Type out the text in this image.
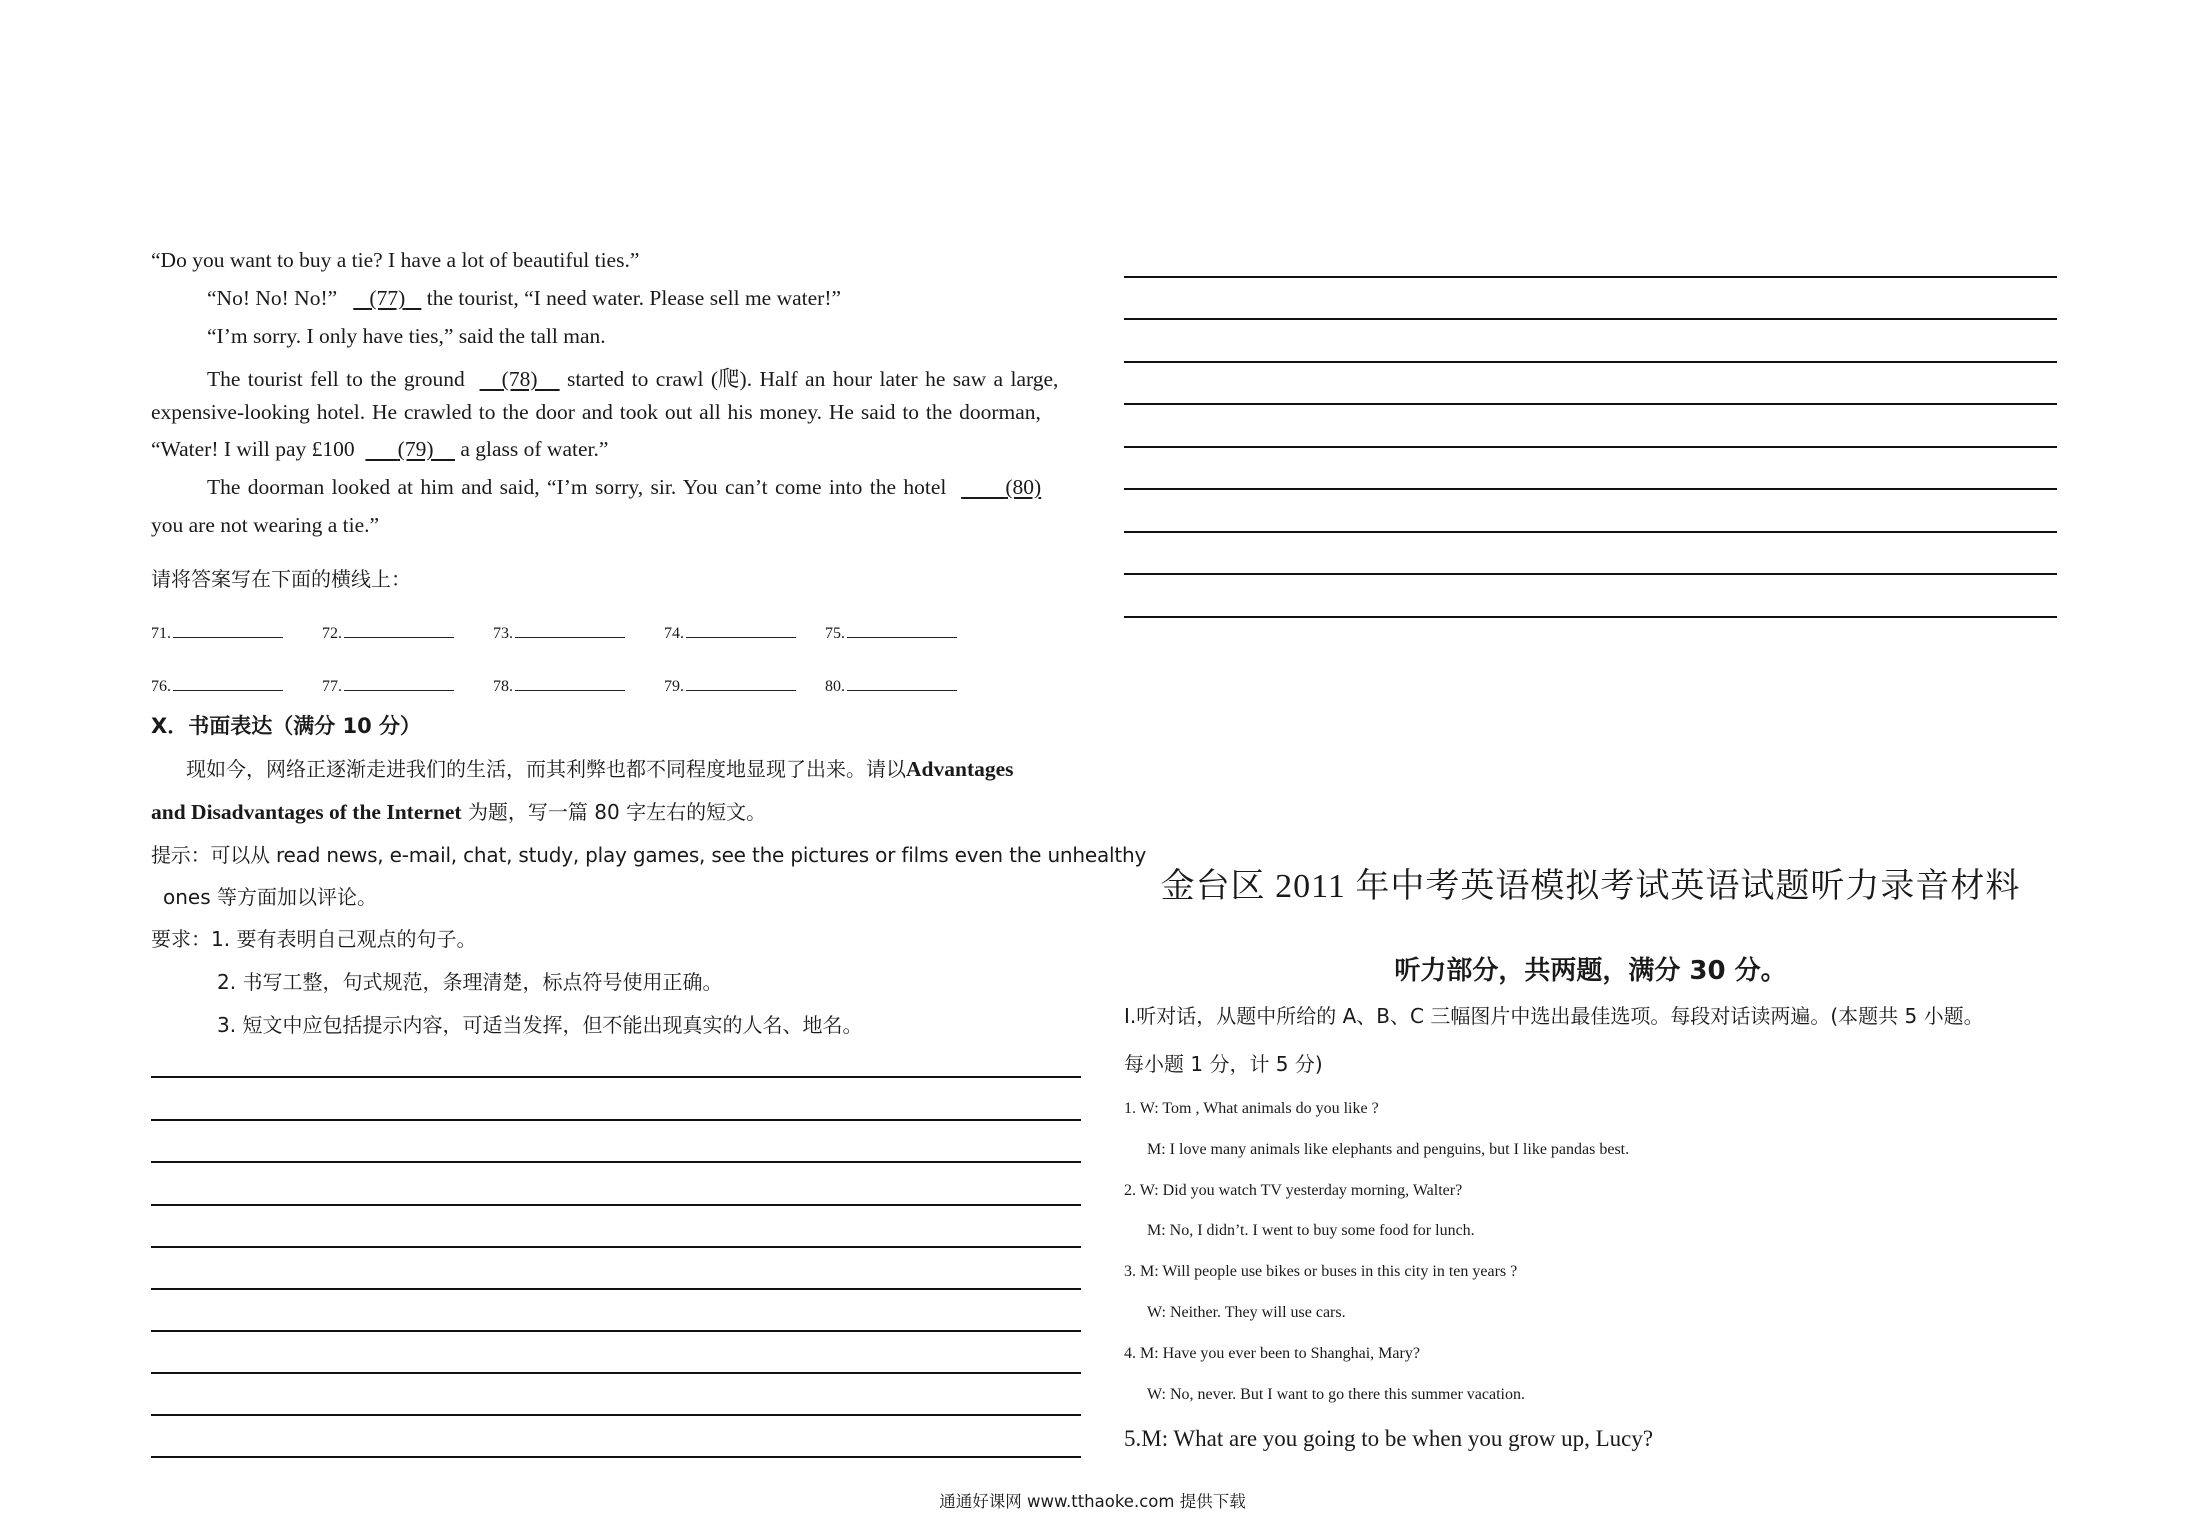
“Do you want to buy a tie? I have a lot of beautiful ties.”
“No! No! No!” (77) the tourist, “I need water. Please sell me water!”
“I’m sorry. I only have ties,” said the tall man.
The tourist fell to the ground (78) started to crawl (爬). Half an hour later he saw a large,
expensive-looking hotel. He crawled to the door and took out all his money. He said to the doorman,
“Water! I will pay £100 (79) a glass of water.”
The doorman looked at him and said, “I’m sorry, sir. You can’t come into the hotel	(80)
you are not wearing a tie.”
请将答案写在下面的横线上：
71.	72.	73.	74.	75.
76.	77.	78.	79.	80.
X．书面表达（满分 10 分）
现如今，网络正逐渐走进我们的生活，而其利弊也都不同程度地显现了出来。请以Advantages
and Disadvantages of the Internet 为题，写一篇 80 字左右的短文。
提示：可以从 read news, e-mail, chat, study, play games, see the pictures or films even the unhealthy
ones 等方面加以评论。
要求：1. 要有表明自己观点的句子。
2. 书写工整，句式规范，条理清楚，标点符号使用正确。
3. 短文中应包括提示内容，可适当发挥，但不能出现真实的人名、地名。
金台区 2011 年中考英语模拟考试英语试题听力录音材料
听力部分，共两题，满分 30 分。
Ⅰ.听对话，从题中所给的 A、B、C 三幅图片中选出最佳选项。每段对话读两遍。(本题共 5 小题。
每小题 1 分，计 5 分)
1. W: Tom , What animals do you like ?
M: I love many animals like elephants and penguins, but I like pandas best.
2. W: Did you watch TV yesterday morning, Walter?
M: No, I didn’t. I went to buy some food for lunch.
3. M: Will people use bikes or buses in this city in ten years ?
W: Neither. They will use cars.
4. M: Have you ever been to Shanghai, Mary?
W: No, never. But I want to go there this summer vacation.
5.M: What are you going to be when you grow up, Lucy?
通通好课网 www.tthaoke.com 提供下载
